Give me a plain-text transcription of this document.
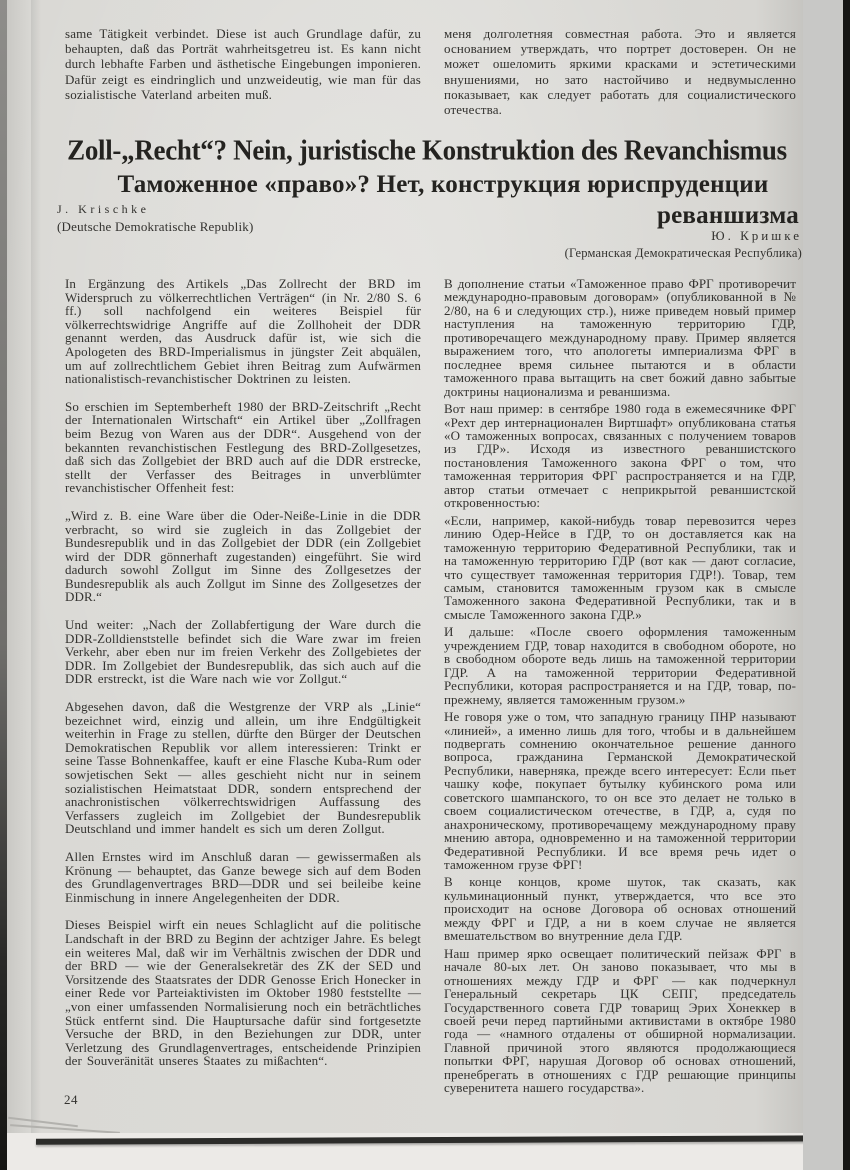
same Tätigkeit verbindet. Diese ist auch Grundlage dafür, zu behaupten, daß das Porträt wahrheitsgetreu ist. Es kann nicht durch lebhafte Farben und ästhetische Eingebungen imponieren. Dafür zeigt es eindringlich und unzweideutig, wie man für das sozialistische Vaterland arbeiten muß.

меня долголетняя совместная работа. Это и является основанием утверждать, что портрет достоверен. Он не может ошеломить яркими красками и эстетическими внушениями, но зато настойчиво и недвумысленно показывает, как следует работать для социалистического отечества.

Zoll-„Recht“? Nein, juristische Konstruktion des Revanchismus
Таможенное «право»? Нет, конструкция юриспруденции
реваншизма
J. Krischke
(Deutsche Demokratische Republik)
Ю. Кришке
(Германская Демократическая Республика)

In Ergänzung des Artikels „Das Zollrecht der BRD im Widerspruch zu völkerrechtlichen Verträgen“ (in Nr. 2/80 S. 6 ff.) soll nachfolgend ein weiteres Beispiel für völkerrechtswidrige Angriffe auf die Zollhoheit der DDR genannt werden, das Ausdruck dafür ist, wie sich die Apologeten des BRD-Imperialismus in jüngster Zeit abquälen, um auf zollrechtlichem Gebiet ihren Beitrag zum Aufwärmen nationalistisch-revanchistischer Doktrinen zu leisten.

So erschien im Septemberheft 1980 der BRD-Zeitschrift „Recht der Internationalen Wirtschaft“ ein Artikel über „Zollfragen beim Bezug von Waren aus der DDR“. Ausgehend von der bekannten revanchistischen Festlegung des BRD-Zollgesetzes, daß sich das Zollgebiet der BRD auch auf die DDR erstrecke, stellt der Verfasser des Beitrages in unverblümter revanchistischer Offenheit fest:

„Wird z. B. eine Ware über die Oder-Neiße-Linie in die DDR verbracht, so wird sie zugleich in das Zollgebiet der Bundesrepublik und in das Zollgebiet der DDR (ein Zollgebiet wird der DDR gönnerhaft zugestanden) eingeführt. Sie wird dadurch sowohl Zollgut im Sinne des Zollgesetzes der Bundesrepublik als auch Zollgut im Sinne des Zollgesetzes der DDR.“

Und weiter: „Nach der Zollabfertigung der Ware durch die DDR-Zolldienststelle befindet sich die Ware zwar im freien Verkehr, aber eben nur im freien Verkehr des Zollgebietes der DDR. Im Zollgebiet der Bundesrepublik, das sich auch auf die DDR erstreckt, ist die Ware nach wie vor Zollgut.“

Abgesehen davon, daß die Westgrenze der VRP als „Linie“ bezeichnet wird, einzig und allein, um ihre Endgültigkeit weiterhin in Frage zu stellen, dürfte den Bürger der Deutschen Demokratischen Republik vor allem interessieren: Trinkt er seine Tasse Bohnenkaffee, kauft er eine Flasche Kuba-Rum oder sowjetischen Sekt — alles geschieht nicht nur in seinem sozialistischen Heimatstaat DDR, sondern entsprechend der anachronistischen völkerrechtswidrigen Auffassung des Verfassers zugleich im Zollgebiet der Bundesrepublik Deutschland und immer handelt es sich um deren Zollgut.

Allen Ernstes wird im Anschluß daran — gewissermaßen als Krönung — behauptet, das Ganze bewege sich auf dem Boden des Grundlagenvertrages BRD—DDR und sei beileibe keine Einmischung in innere Angelegenheiten der DDR.

Dieses Beispiel wirft ein neues Schlaglicht auf die politische Landschaft in der BRD zu Beginn der achtziger Jahre. Es belegt ein weiteres Mal, daß wir im Verhältnis zwischen der DDR und der BRD — wie der Generalsekretär des ZK der SED und Vorsitzende des Staatsrates der DDR Genosse Erich Honecker in einer Rede vor Parteiaktivisten im Oktober 1980 feststellte — „von einer umfassenden Normalisierung noch ein beträchtliches Stück entfernt sind. Die Hauptursache dafür sind fortgesetzte Versuche der BRD, in den Beziehungen zur DDR, unter Verletzung des Grundlagenvertrages, entscheidende Prinzipien der Souveränität unseres Staates zu mißachten“.

В дополнение статьи «Таможенное право ФРГ противоречит международно-правовым договорам» (опубликованной в № 2/80, на 6 и следующих стр.), ниже приведем новый пример наступления на таможенную территорию ГДР, противоречащего международному праву. Пример является выражением того, что апологеты империализма ФРГ в последнее время сильнее пытаются и в области таможенного права вытащить на свет божий давно забытые доктрины национализма и реваншизма.

Вот наш пример: в сентябре 1980 года в ежемесячнике ФРГ «Рехт дер интернационален Виртшафт» опубликована статья «О таможенных вопросах, связанных с получением товаров из ГДР». Исходя из известного реваншистского постановления Таможенного закона ФРГ о том, что таможенная территория ФРГ распространяется и на ГДР, автор статьи отмечает с неприкрытой реваншистской откровенностью:

«Если, например, какой-нибудь товар перевозится через линию Одер-Нейсе в ГДР, то он доставляется как на таможенную территорию Федеративной Республики, так и на таможенную территорию ГДР (вот как — дают согласие, что существует таможенная территория ГДР!). Товар, тем самым, становится таможенным грузом как в смысле Таможенного закона Федеративной Республики, так и в смысле Таможенного закона ГДР.»

И дальше: «После своего оформления таможенным учреждением ГДР, товар находится в свободном обороте, но в свободном обороте ведь лишь на таможенной территории ГДР. А на таможенной территории Федеративной Республики, которая распространяется и на ГДР, товар, по-прежнему, является таможенным грузом.»

Не говоря уже о том, что западную границу ПНР называют «линией», а именно лишь для того, чтобы и в дальнейшем подвергать сомнению окончательное решение данного вопроса, гражданина Германской Демократической Республики, наверняка, прежде всего интересует: Если пьет чашку кофе, покупает бутылку кубинского рома или советского шампанского, то он все это делает не только в своем социалистическом отечестве, в ГДР, а, судя по анахроническому, противоречащему международному праву мнению автора, одновременно и на таможенной территории Федеративной Республики. И все время речь идет о таможенном грузе ФРГ!

В конце концов, кроме шуток, так сказать, как кульминационный пункт, утверждается, что все это происходит на основе Договора об основах отношений между ФРГ и ГДР, а ни в коем случае не является вмешательством во внутренние дела ГДР.

Наш пример ярко освещает политический пейзаж ФРГ в начале 80-ых лет. Он заново показывает, что мы в отношениях между ГДР и ФРГ — как подчеркнул Генеральный секретарь ЦК СЕПГ, председатель Государственного совета ГДР товарищ Эрих Хонеккер в своей речи перед партийными активистами в октябре 1980 года — «намного отдалены от обширной нормализации. Главной причиной этого являются продолжающиеся попытки ФРГ, нарушая Договор об основах отношений, пренебрегать в отношениях с ГДР решающие принципы суверенитета нашего государства».

24
